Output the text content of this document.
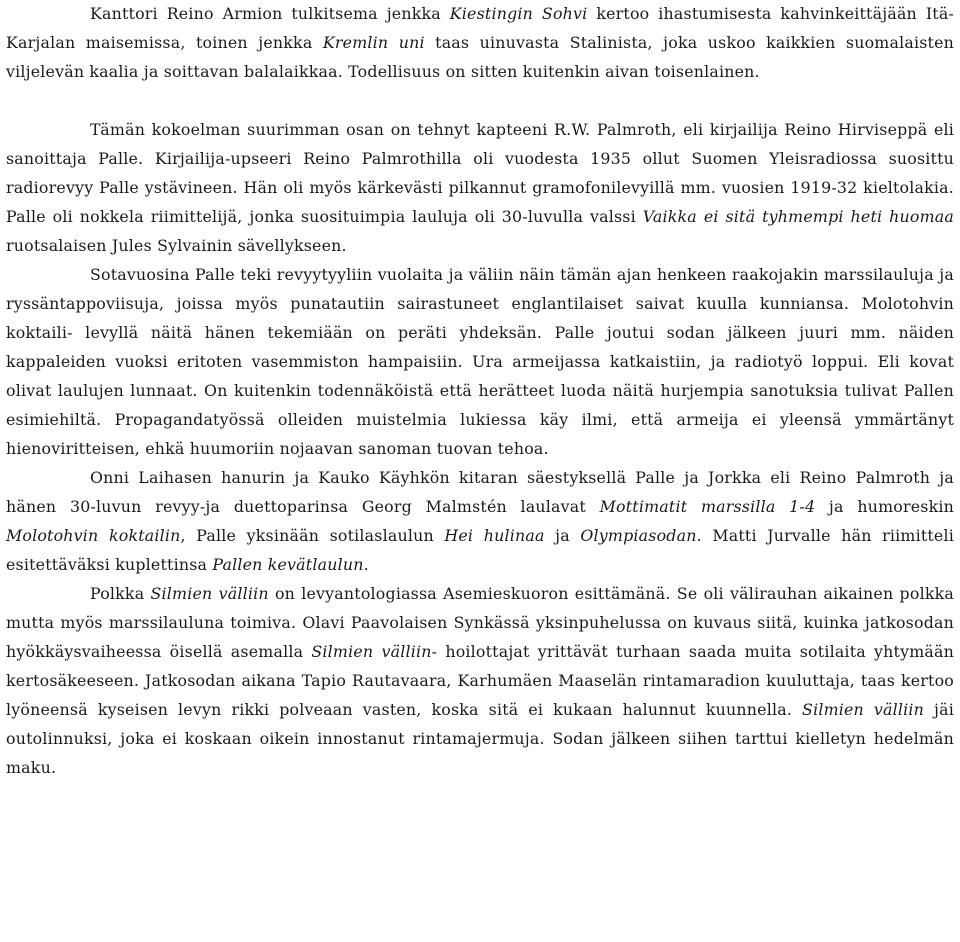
Kanttori Reino Armion tulkitsema jenkka Kiestingin Sohvi kertoo ihastumisesta kahvinkeittäjään Itä-Karjalan maisemissa, toinen jenkka Kremlin uni taas uinuvasta Stalinista, joka uskoo kaikkien suomalaisten viljelevän kaalia ja soittavan balalaikkaa. Todellisuus on sitten kuitenkin aivan toisenlainen.

Tämän kokoelman suurimman osan on tehnyt kapteeni R.W. Palmroth, eli kirjailija Reino Hirviseppä eli sanoittaja Palle. Kirjailija-upseeri Reino Palmrothilla oli vuodesta 1935 ollut Suomen Yleisradiossa suosittu radiorevyy Palle ystävineen. Hän oli myös kärkevästi pilkannut gramofonilevyillä mm. vuosien 1919-32 kieltolakia. Palle oli nokkela riimittelijä, jonka suosituimpia lauluja oli 30-luvulla valssi Vaikka ei sitä tyhmempi heti huomaa ruotsalaisen Jules Sylvainin sävellykseen.

Sotavuosina Palle teki revyytyyliin vuolaita ja väliin näin tämän ajan henkeen raakojakin marssilauluja ja ryssäntappoviisuja, joissa myös punatautiin sairastuneet englantilaiset saivat kuulla kunniansa. Molotohvin koktaili- levyllä näitä hänen tekemiään on peräti yhdeksän. Palle joutui sodan jälkeen juuri mm. näiden kappaleiden vuoksi eritoten vasemmiston hampaisiin. Ura armeijassa katkaistiin, ja radiotyö loppui. Eli kovat olivat laulujen lunnaat. On kuitenkin todennäköistä että herätteet luoda näitä hurjempia sanotuksia tulivat Pallen esimiehiltä. Propagandatyössä olleiden muistelmia lukiessa käy ilmi, että armeija ei yleensä ymmärtänyt hienoviritteisen, ehkä huumoriin nojaavan sanoman tuovan tehoa.

Onni Laihasen hanurin ja Kauko Käyhkön kitaran säestyksellä Palle ja Jorkka eli Reino Palmroth ja hänen 30-luvun revyy-ja duettoparinsa Georg Malmstén laulavat Mottimatit marssilla 1-4 ja humoreskin Molotohvin koktailin, Palle yksinään sotilaslaulun Hei hulinaa ja Olympiasodan. Matti Jurvalle hän riimitteli esitettäväksi kuplettinsa Pallen kevätlaulun.

Polkka Silmien välliin on levyantologiassa Asemieskuoron esittämänä. Se oli välirauhan aikainen polkka mutta myös marssilauluna toimiva. Olavi Paavolaisen Synkässä yksinpuhelussa on kuvaus siitä, kuinka jatkosodan hyökkäysvaiheessa öisellä asemalla Silmien välliin- hoilottajat yrittävät turhaan saada muita sotilaita yhtymään kertosäkeeseen. Jatkosodan aikana Tapio Rautavaara, Karhumäen Maaselän rintamaradion kuuluttaja, taas kertoo lyöneensä kyseisen levyn rikki polveaan vasten, koska sitä ei kukaan halunnut kuunnella. Silmien välliin jäi outolinnuksi, joka ei koskaan oikein innostanut rintamajermuja. Sodan jälkeen siihen tarttui kielletyn hedelmän maku.
